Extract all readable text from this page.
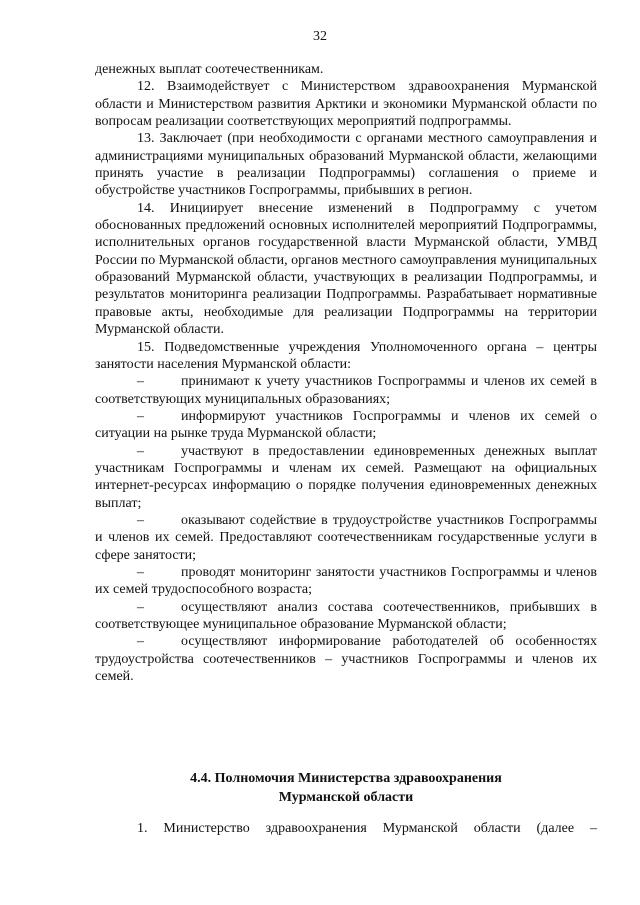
32

денежных выплат соотечественникам.

12. Взаимодействует с Министерством здравоохранения Мурманской области и Министерством развития Арктики и экономики Мурманской области по вопросам реализации соответствующих мероприятий подпрограммы.

13. Заключает (при необходимости с органами местного самоуправления и администрациями муниципальных образований Мурманской области, желающими принять участие в реализации Подпрограммы) соглашения о приеме и обустройстве участников Госпрограммы, прибывших в регион.

14. Инициирует внесение изменений в Подпрограмму с учетом обоснованных предложений основных исполнителей мероприятий Подпрограммы, исполнительных органов государственной власти Мурманской области, УМВД России по Мурманской области, органов местного самоуправления муниципальных образований Мурманской области, участвующих в реализации Подпрограммы, и результатов мониторинга реализации Подпрограммы. Разрабатывает нормативные правовые акты, необходимые для реализации Подпрограммы на территории Мурманской области.

15. Подведомственные учреждения Уполномоченного органа – центры занятости населения Мурманской области:

–	принимают к учету участников Госпрограммы и членов их семей в соответствующих муниципальных образованиях;

–	информируют участников Госпрограммы и членов их семей о ситуации на рынке труда Мурманской области;

–	участвуют в предоставлении единовременных денежных выплат участникам Госпрограммы и членам их семей. Размещают на официальных интернет-ресурсах информацию о порядке получения единовременных денежных выплат;

–	оказывают содействие в трудоустройстве участников Госпрограммы и членов их семей. Предоставляют соотечественникам государственные услуги в сфере занятости;

–	проводят мониторинг занятости участников Госпрограммы и членов их семей трудоспособного возраста;

–	осуществляют анализ состава соотечественников, прибывших в соответствующее муниципальное образование Мурманской области;

–	осуществляют информирование работодателей об особенностях трудоустройства соотечественников – участников Госпрограммы и членов их семей.

4.4. Полномочия Министерства здравоохранения
Мурманской области

1. Министерство здравоохранения Мурманской области (далее –
